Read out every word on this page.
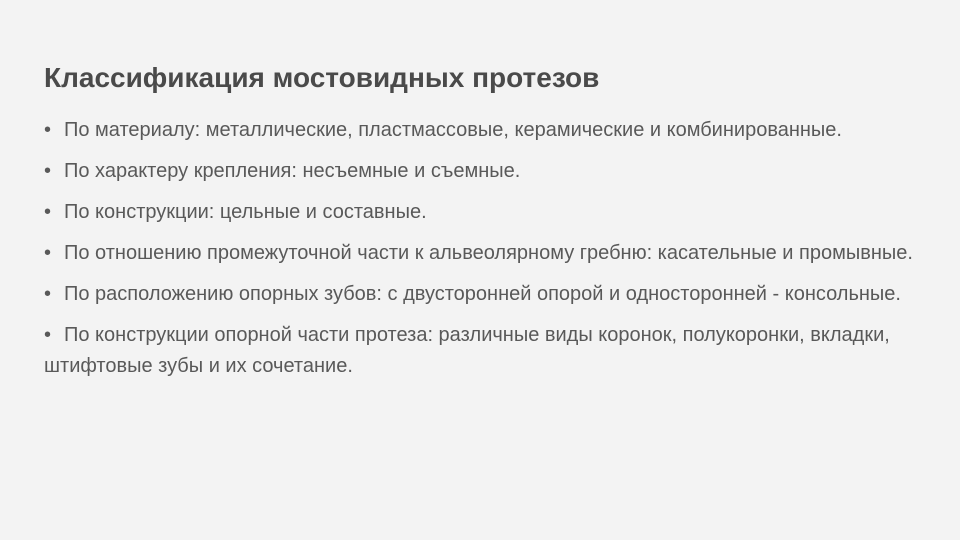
Классификация мостовидных протезов
• По материалу: металлические, пластмассовые, керамические и комбинированные.
• По характеру крепления: несъемные и съемные.
• По конструкции: цельные и составные.
• По отношению промежуточной части к альвеолярному гребню: касательные и промывные.
• По расположению опорных зубов: с двусторонней опорой и односторонней - консольные.
• По конструкции опорной части протеза: различные виды коронок, полукоронки, вкладки, штифтовые зубы и их сочетание.
